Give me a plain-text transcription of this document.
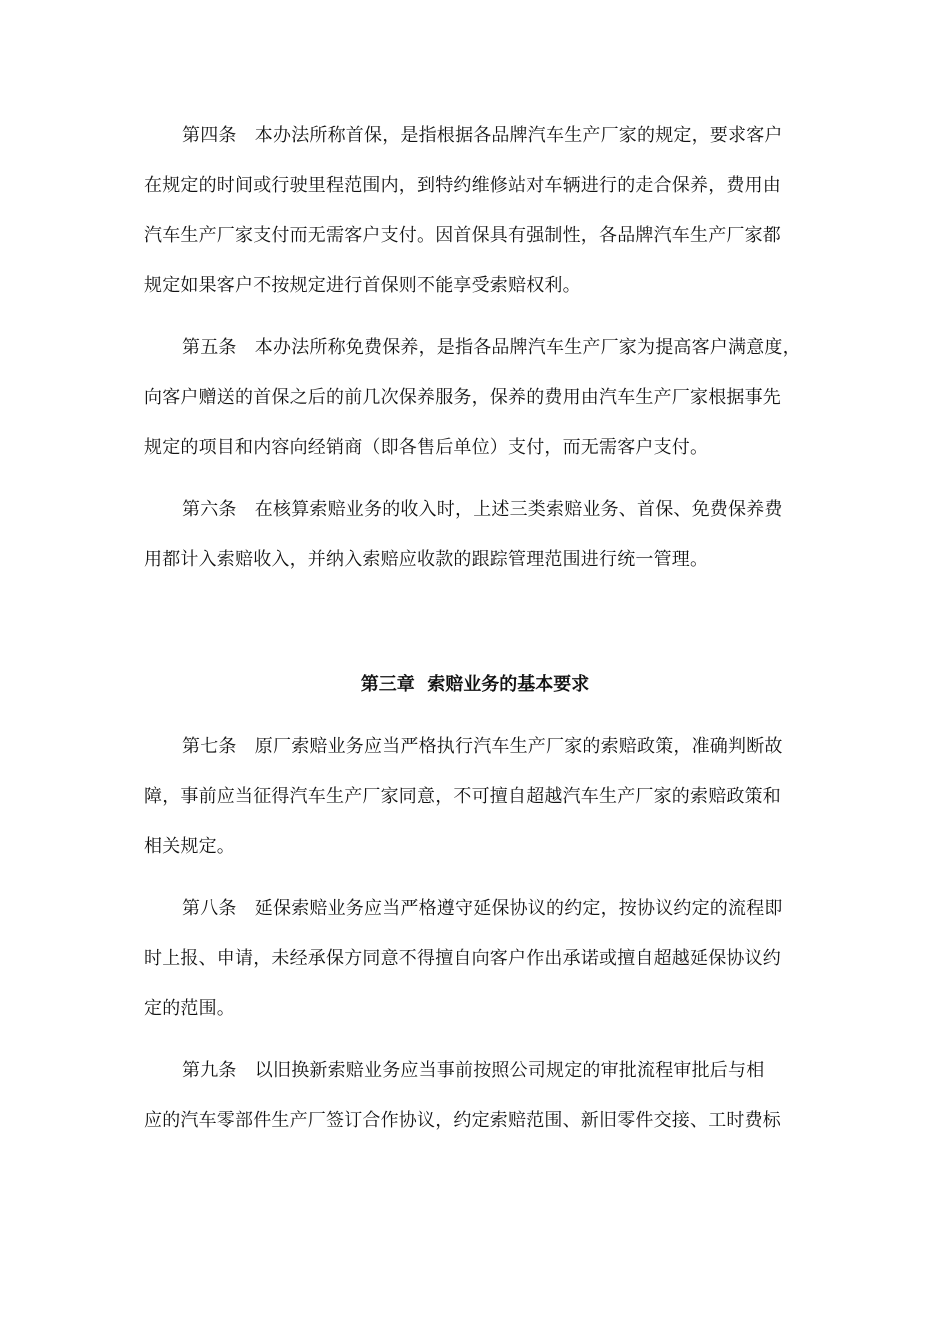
第四条　本办法所称首保，是指根据各品牌汽车生产厂家的规定，要求客户
在规定的时间或行驶里程范围内，到特约维修站对车辆进行的走合保养，费用由
汽车生产厂家支付而无需客户支付。因首保具有强制性，各品牌汽车生产厂家都
规定如果客户不按规定进行首保则不能享受索赔权利。
第五条　本办法所称免费保养，是指各品牌汽车生产厂家为提高客户满意度，
向客户赠送的首保之后的前几次保养服务，保养的费用由汽车生产厂家根据事先
规定的项目和内容向经销商（即各售后单位）支付，而无需客户支付。
第六条　在核算索赔业务的收入时，上述三类索赔业务、首保、免费保养费
用都计入索赔收入，并纳入索赔应收款的跟踪管理范围进行统一管理。
第三章  索赔业务的基本要求
第七条　原厂索赔业务应当严格执行汽车生产厂家的索赔政策，准确判断故
障，事前应当征得汽车生产厂家同意，不可擅自超越汽车生产厂家的索赔政策和
相关规定。
第八条　延保索赔业务应当严格遵守延保协议的约定，按协议约定的流程即
时上报、申请，未经承保方同意不得擅自向客户作出承诺或擅自超越延保协议约
定的范围。
第九条　以旧换新索赔业务应当事前按照公司规定的审批流程审批后与相
应的汽车零部件生产厂签订合作协议，约定索赔范围、新旧零件交接、工时费标
